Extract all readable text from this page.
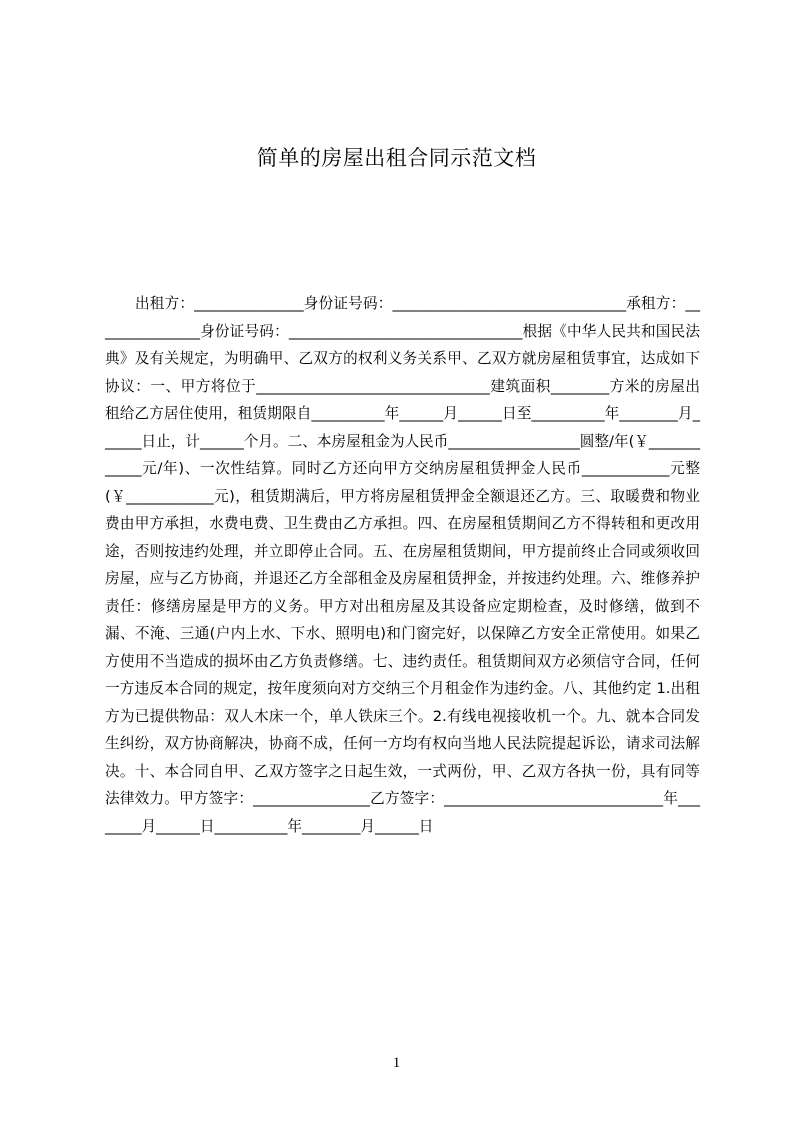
简单的房屋出租合同示范文档

出租方：_______________身份证号码：________________________________承租方：_______________身份证号码：________________________________根据《中华人民共和国民法典》及有关规定，为明确甲、乙双方的权利义务关系甲、乙双方就房屋租赁事宜，达成如下协议：一、甲方将位于________________________________建筑面积________方米的房屋出租给乙方居住使用，租赁期限自__________年______月______日至__________年________月______日止，计______个月。二、本房屋租金为人民币__________________圆整/年(￥____________元/年)、一次性结算。同时乙方还向甲方交纳房屋租赁押金人民币____________元整(￥____________元)，租赁期满后，甲方将房屋租赁押金全额退还乙方。三、取暖费和物业费由甲方承担，水费电费、卫生费由乙方承担。四、在房屋租赁期间乙方不得转租和更改用途，否则按违约处理，并立即停止合同。五、在房屋租赁期间，甲方提前终止合同或须收回房屋，应与乙方协商，并退还乙方全部租金及房屋租赁押金，并按违约处理。六、维修养护责任：修缮房屋是甲方的义务。甲方对出租房屋及其设备应定期检查，及时修缮，做到不漏、不淹、三通(户内上水、下水、照明电)和门窗完好，以保障乙方安全正常使用。如果乙方使用不当造成的损坏由乙方负责修缮。七、违约责任。租赁期间双方必须信守合同，任何一方违反本合同的规定，按年度须向对方交纳三个月租金作为违约金。八、其他约定 1.出租方为已提供物品：双人木床一个，单人铁床三个。2.有线电视接收机一个。九、就本合同发生纠纷，双方协商解决，协商不成，任何一方均有权向当地人民法院提起诉讼，请求司法解决。十、本合同自甲、乙双方签字之日起生效，一式两份，甲、乙双方各执一份，具有同等法律效力。甲方签字：________________乙方签字：______________________________年________月______日__________年________月______日

1
